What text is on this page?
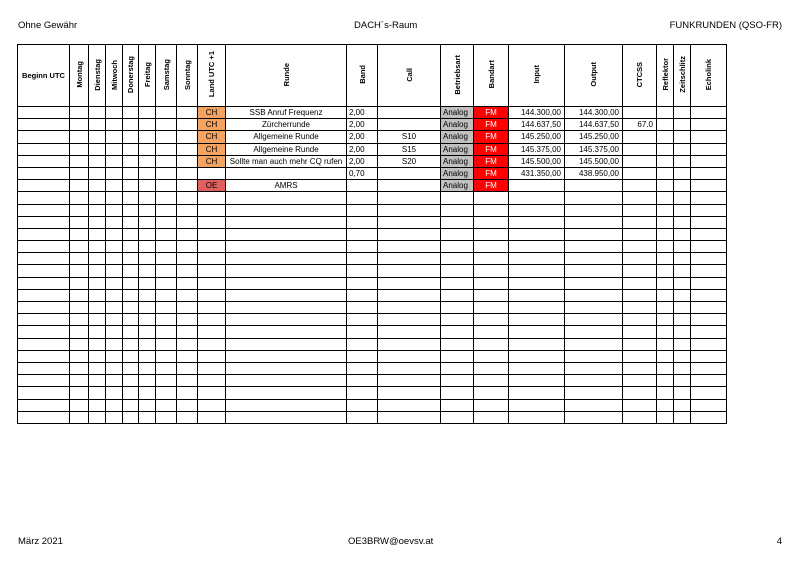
Ohne Gewähr	DACH´s-Raum	FUNKRUNDEN (QSO-FR)
Beginn UTC	Montag	Dienstag	Mitwoch	Donerstag	Freitag	Samstag	Sonntag	Land UTC +1	Runde	Band	Call	Betriebsart	Bandart	Input	Output	CTCSS	Reflektor	Zeitschlitz	Echolink
								CH	SSB Anruf Frequenz	2,00		Analog	FM	144.300,00	144.300,00				
								CH	Zürcherrunde	2,00		Analog	FM	144.637,50	144.637,50	67.0			
								CH	Allgemeine Runde	2,00	S10	Analog	FM	145.250,00	145.250,00				
								CH	Allgemeine Runde	2,00	S15	Analog	FM	145.375,00	145.375,00				
								CH	Sollte man auch mehr CQ rufen	2,00	S20	Analog	FM	145.500,00	145.500,00				
										0,70		Analog	FM	431.350,00	438.950,00				
								OE	AMRS			Analog	FM						

März 2021	OE3BRW@oevsv.at	4
